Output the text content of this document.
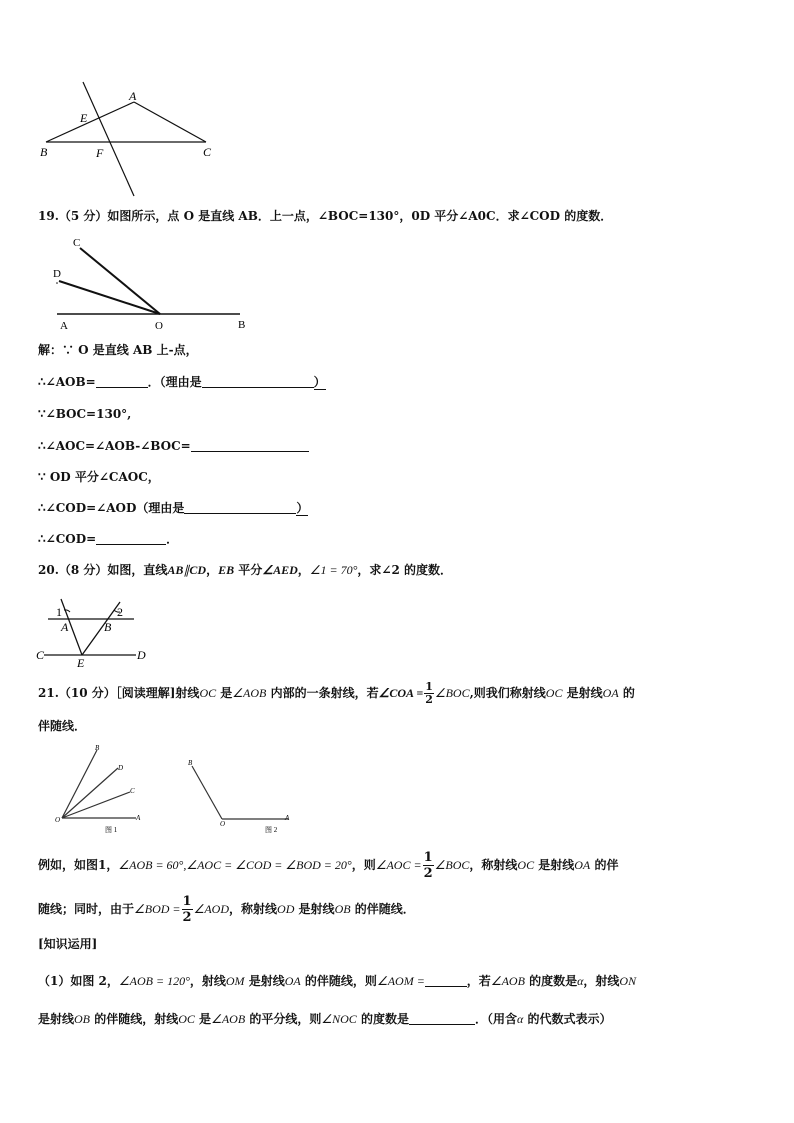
A
E
B	F	C
19.（5 分）如图所示，点 O 是直线 AB．上一点，∠BOC=130°，0D 平分∠A0C．求∠COD 的度数．
C
D
A	O	B
解：∵ O 是直线 AB 上-点，
∴∠AOB=	．（理由是	）
∵∠BOC=130°,
∴∠AOC=∠AOB-∠BOC=
∵ OD 平分∠CAOC，
∴∠COD=∠AOD（理由是	）
∴∠COD=	．
20.（8 分）如图，直线AB∥CD，EB 平分∠AED，∠1 = 70°，求∠2 的度数．
1	2
A	B
C	D
E
21.（10 分）［阅读理解]射线OC 是∠AOB 内部的一条射线，若∠COA = $\frac{1}{2}$ ∠BOC,则我们称射线OC 是射线OA 的
伴随线．
B
D
C
O	A
图 1
B
O
A
图 2
例如，如图1，∠AOB = 60°,∠AOC = ∠COD = ∠BOD = 20°，则∠AOC = $\frac{1}{2}$ ∠BOC，称射线OC 是射线OA 的伴
随线；同时，由于∠BOD = $\frac{1}{2}$ ∠AOD，称射线OD 是射线OB 的伴随线．
[知识运用]
（1）如图 2，∠AOB = 120°，射线OM 是射线OA 的伴随线，则∠AOM =	，若∠AOB 的度数是α，射线ON
是射线OB 的伴随线，射线OC 是∠AOB 的平分线，则∠NOC 的度数是	．（用含α 的代数式表示）
